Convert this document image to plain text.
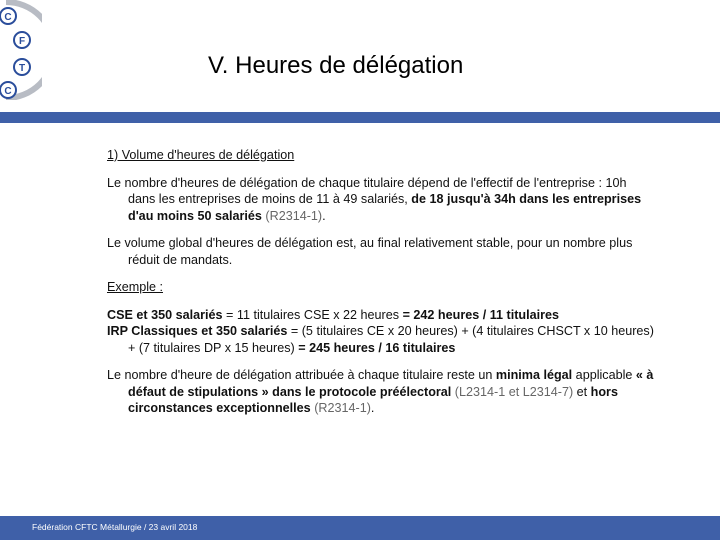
C
F
T
C
V. Heures de délégation

1) Volume d'heures de délégation

Le nombre d'heures de délégation de chaque titulaire dépend de l'effectif de l'entreprise : 10h dans les entreprises de moins de 11 à 49 salariés, de 18 jusqu'à 34h dans les entreprises d'au moins 50 salariés (R2314-1).

Le volume global d'heures de délégation est, au final relativement stable, pour un nombre plus réduit de mandats.

Exemple :

CSE et 350 salariés = 11 titulaires CSE x 22 heures = 242 heures / 11 titulaires

IRP Classiques et 350 salariés = (5 titulaires CE x 20 heures) + (4 titulaires CHSCT x 10 heures) + (7 titulaires DP x 15 heures) = 245 heures / 16 titulaires

Le nombre d'heure de délégation attribuée à chaque titulaire reste un minima légal applicable « à défaut de stipulations » dans le protocole préélectoral (L2314-1 et L2314-7) et hors circonstances exceptionnelles (R2314-1).

Fédération CFTC Métallurgie / 23 avril 2018
